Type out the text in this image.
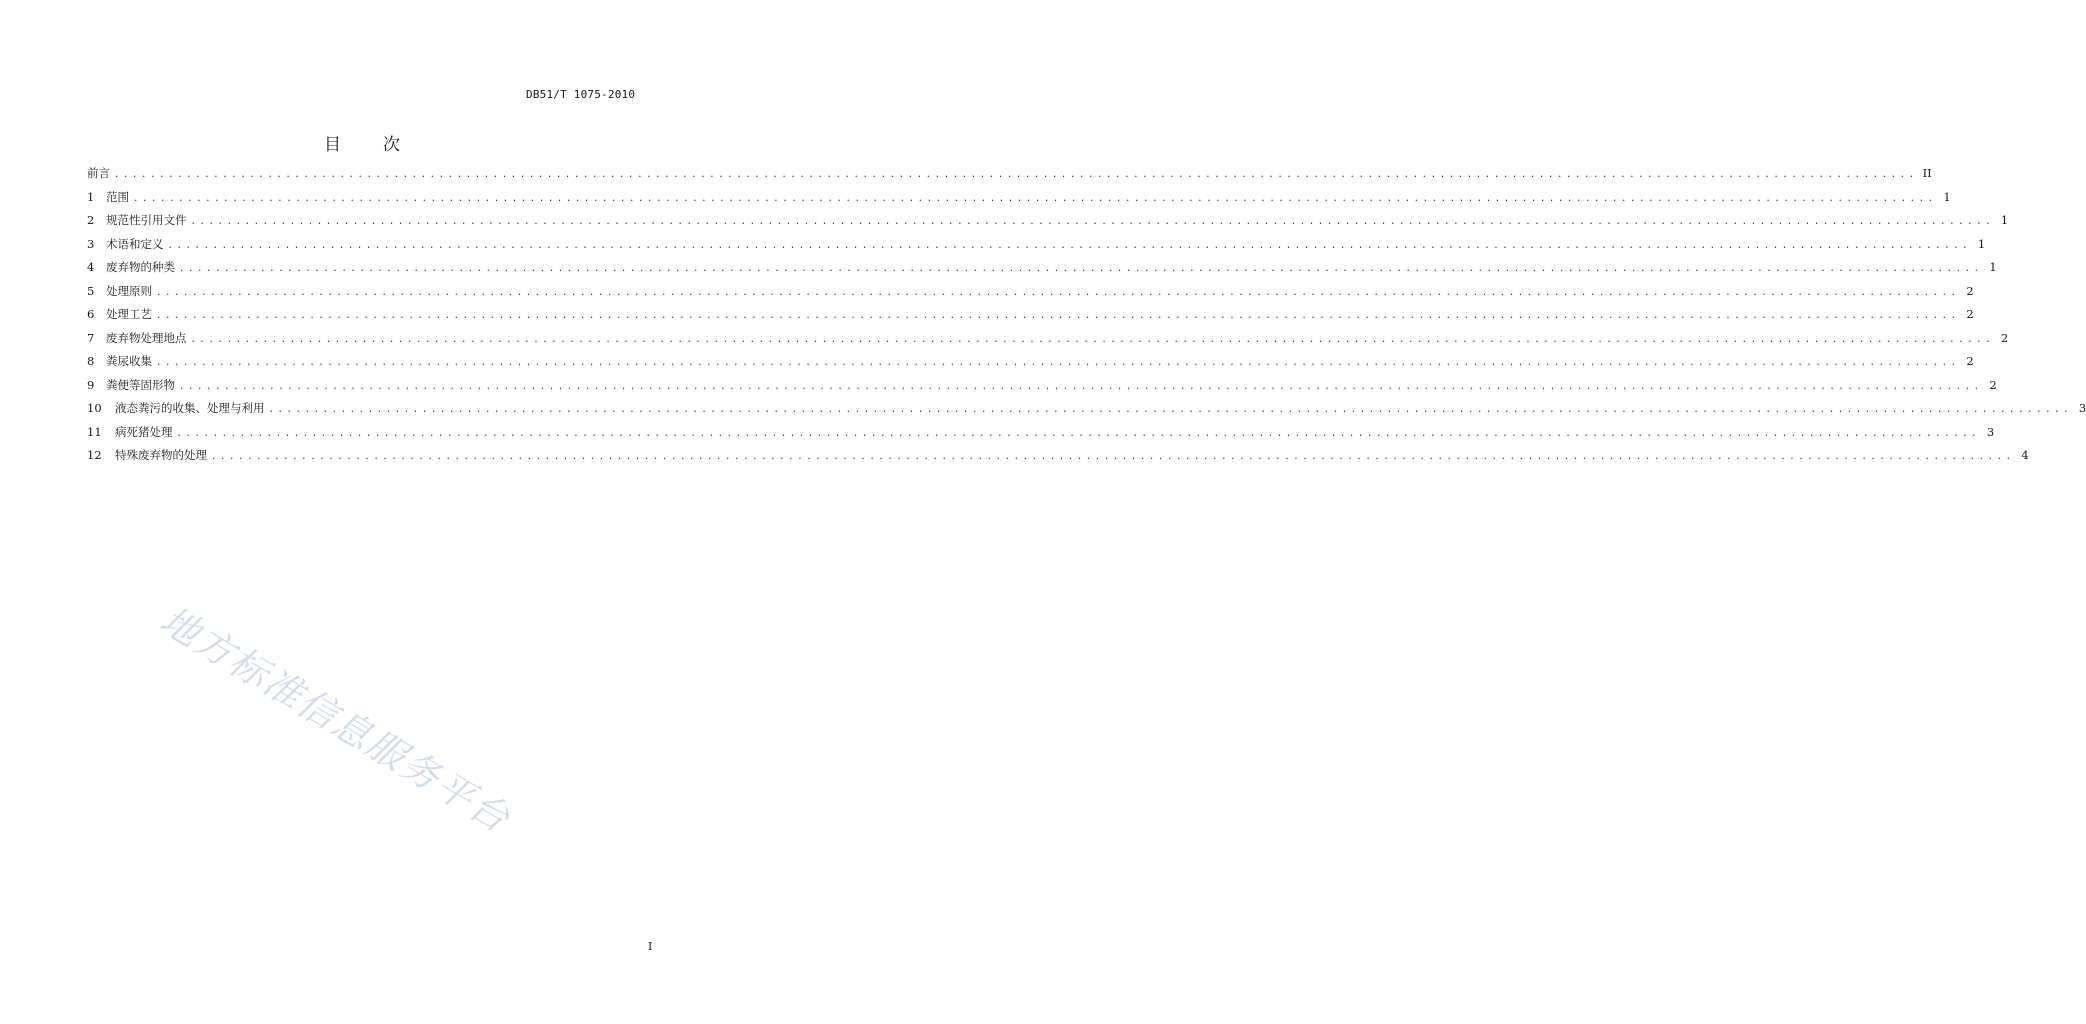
DB51/T 1075-2010
目 次
前言 ........................................................................................................................................................................................................ II
1	范围 ........................................................................................................................................................................................................ 1
2	规范性引用文件 ........................................................................................................................................................................................................ 1
3	术语和定义 ........................................................................................................................................................................................................ 1
4	废弃物的种类 ........................................................................................................................................................................................................ 1
5	处理原则 ........................................................................................................................................................................................................ 2
6	处理工艺 ........................................................................................................................................................................................................ 2
7	废弃物处理地点 ........................................................................................................................................................................................................ 2
8	粪尿收集 ........................................................................................................................................................................................................ 2
9	粪便等固形物 ........................................................................................................................................................................................................ 2
10	液态粪污的收集、处理与利用 ........................................................................................................................................................................................................ 3
11	病死猪处理 ........................................................................................................................................................................................................ 3
12	特殊废弃物的处理 ........................................................................................................................................................................................................ 4
地方标准信息服务平台
I
